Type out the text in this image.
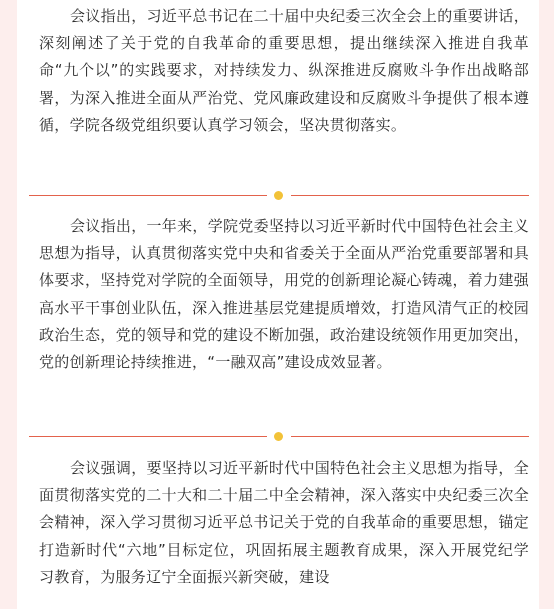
会议指出，习近平总书记在二十届中央纪委三次全会上的重要讲话，深刻阐述了关于党的自我革命的重要思想，提出继续深入推进自我革命“九个以”的实践要求，对持续发力、纵深推进反腐败斗争作出战略部署，为深入推进全面从严治党、党风廉政建设和反腐败斗争提供了根本遵循，学院各级党组织要认真学习领会，坚决贯彻落实。

会议指出，一年来，学院党委坚持以习近平新时代中国特色社会主义思想为指导，认真贯彻落实党中央和省委关于全面从严治党重要部署和具体要求，坚持党对学院的全面领导，用党的创新理论凝心铸魂，着力建强高水平干事创业队伍，深入推进基层党建提质增效，打造风清气正的校园政治生态，党的领导和党的建设不断加强，政治建设统领作用更加突出，党的创新理论持续推进，“一融双高”建设成效显著。

会议强调，要坚持以习近平新时代中国特色社会主义思想为指导，全面贯彻落实党的二十大和二十届二中全会精神，深入落实中央纪委三次全会精神，深入学习贯彻习近平总书记关于党的自我革命的重要思想，锚定打造新时代“六地”目标定位，巩固拓展主题教育成果，深入开展党纪学习教育，为服务辽宁全面振兴新突破，建设
